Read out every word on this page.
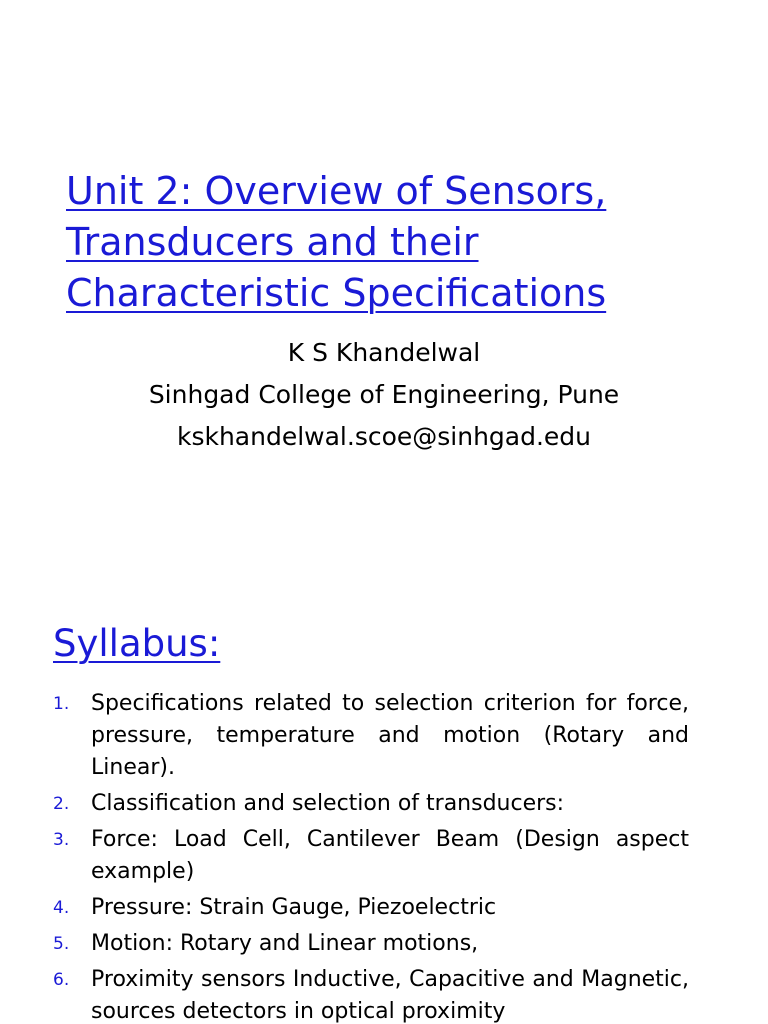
Unit 2: Overview of Sensors,
Transducers and their
Characteristic Specifications
K S Khandelwal
Sinhgad College of Engineering, Pune
kskhandelwal.scoe@sinhgad.edu
Syllabus:
1. Specifications related to selection criterion for force, pressure, temperature and motion (Rotary and Linear).
2. Classification and selection of transducers:
3. Force: Load Cell, Cantilever Beam (Design aspect example)
4. Pressure: Strain Gauge, Piezoelectric
5. Motion: Rotary and Linear motions,
6. Proximity sensors Inductive, Capacitive and Magnetic, sources detectors in optical proximity
